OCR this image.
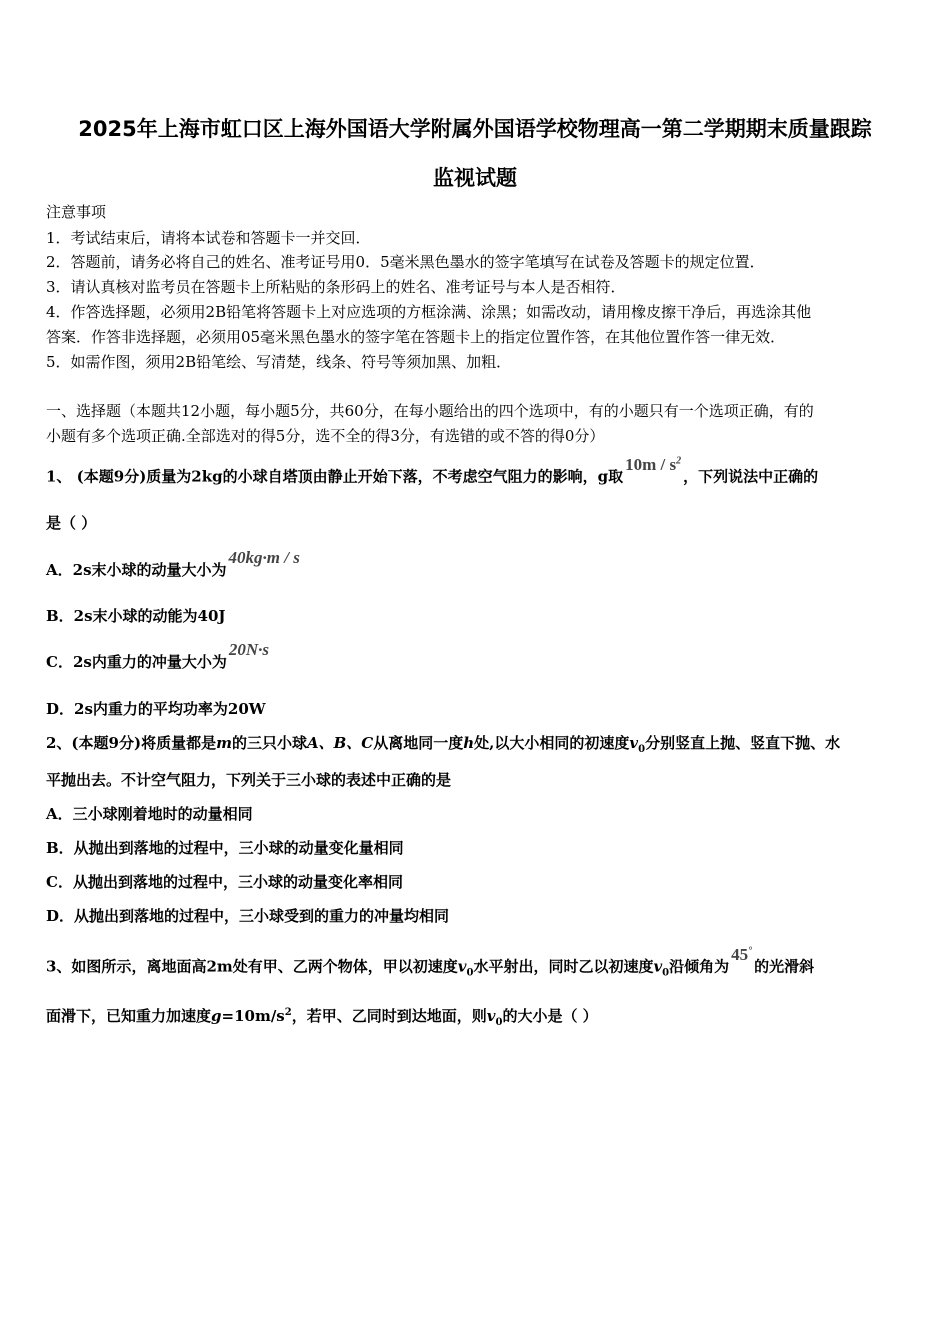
2025年上海市虹口区上海外国语大学附属外国语学校物理高一第二学期期末质量跟踪
监视试题
注意事项
1．考试结束后，请将本试卷和答题卡一并交回．
2．答题前，请务必将自己的姓名、准考证号用0．5毫米黑色墨水的签字笔填写在试卷及答题卡的规定位置．
3．请认真核对监考员在答题卡上所粘贴的条形码上的姓名、准考证号与本人是否相符．
4．作答选择题，必须用2B铅笔将答题卡上对应选项的方框涂满、涂黑；如需改动，请用橡皮擦干净后，再选涂其他
答案．作答非选择题，必须用05毫米黑色墨水的签字笔在答题卡上的指定位置作答，在其他位置作答一律无效．
5．如需作图，须用2B铅笔绘、写清楚，线条、符号等须加黑、加粗．
一、选择题（本题共12小题，每小题5分，共60分，在每小题给出的四个选项中，有的小题只有一个选项正确，有的
小题有多个选项正确.全部选对的得5分，选不全的得3分，有选错的或不答的得0分）
1、 (本题9分)质量为2kg的小球自塔顶由静止开始下落，不考虑空气阻力的影响，g取$10m / s^2$，下列说法中正确的
是（ ）
A．2s末小球的动量大小为40kg·m / s
B．2s末小球的动能为40J
C．2s内重力的冲量大小为20N·s
D．2s内重力的平均功率为20W
2、(本题9分)将质量都是m的三只小球A、B、C从离地同一度h处,以大小相同的初速度$v_0$分别竖直上抛、竖直下抛、水
平抛出去。不计空气阻力，下列关于三小球的表述中正确的是
A．三小球刚着地时的动量相同
B．从抛出到落地的过程中，三小球的动量变化量相同
C．从抛出到落地的过程中，三小球的动量变化率相同
D．从抛出到落地的过程中，三小球受到的重力的冲量均相同
3、如图所示，离地面高2m处有甲、乙两个物体，甲以初速度$v_0$水平射出，同时乙以初速度$v_0$沿倾角为45°的光滑斜
面滑下，已知重力加速度$g=10m/s^2$，若甲、乙同时到达地面，则$v_0$的大小是（ ）
